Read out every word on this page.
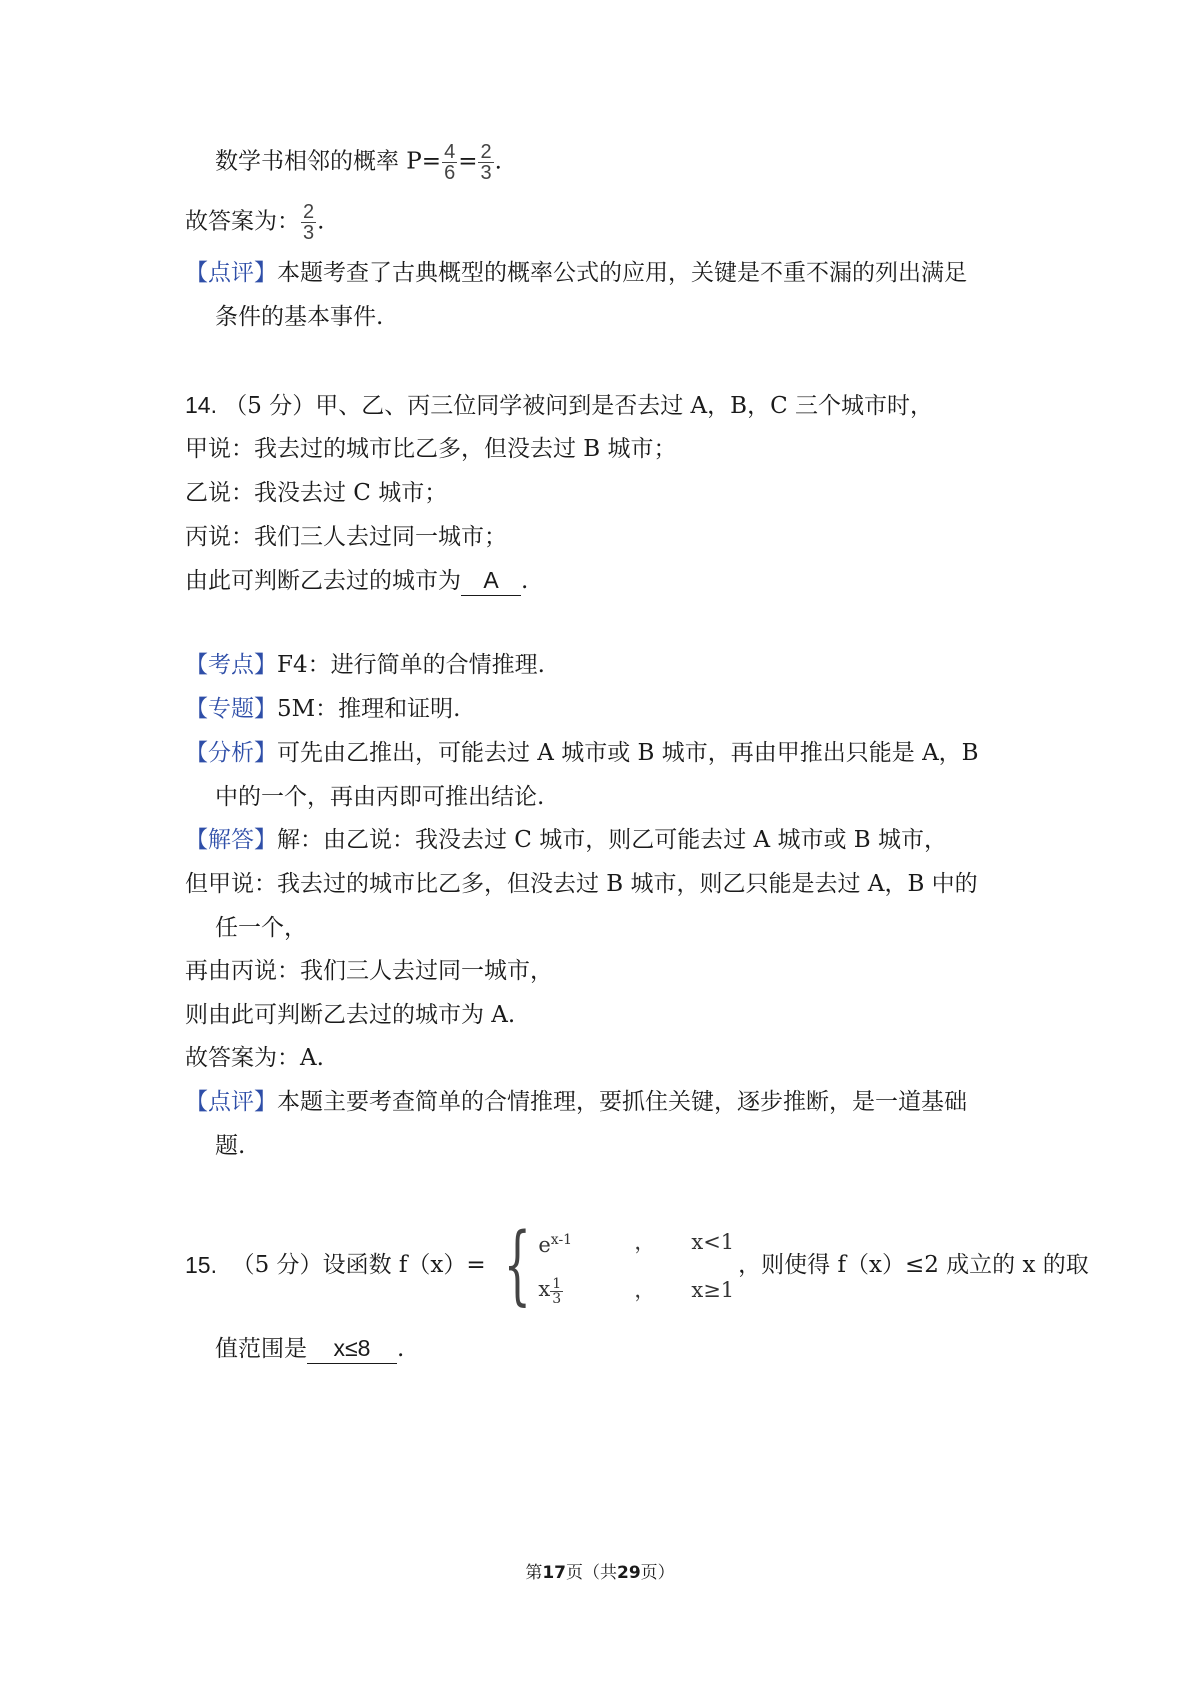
数学书相邻的概率 $P= \frac{4}{6} = \frac{2}{3}$ .
故答案为： $\frac{2}{3}$ .
【点评】本题考查了古典概型的概率公式的应用，关键是不重不漏的列出满足
条件的基本事件.
14. （5 分）甲、乙、丙三位同学被问到是否去过 A，B，C 三个城市时，
甲说：我去过的城市比乙多，但没去过 B 城市；
乙说：我没去过 C 城市；
丙说：我们三人去过同一城市；
由此可判断乙去过的城市为 A .
【考点】F4：进行简单的合情推理.
【专题】5M：推理和证明.
【分析】可先由乙推出，可能去过 A 城市或 B 城市，再由甲推出只能是 A，B
中的一个，再由丙即可推出结论.
【解答】解：由乙说：我没去过 C 城市，则乙可能去过 A 城市或 B 城市，
但甲说：我去过的城市比乙多，但没去过 B 城市，则乙只能是去过 A，B 中的
任一个，
再由丙说：我们三人去过同一城市，
则由此可判断乙去过的城市为 A.
故答案为：A.
【点评】本题主要考查简单的合情推理，要抓住关键，逐步推断，是一道基础
题.
15.
（5 分） 设函数 f（x）= { $e^{x-1}$	， x<1
x $\frac{1}{3}$	， x≥1
，则使得 f（x）≤2 成立的 x 的取
值范围是 x≤8 .
第17页（共29页）
